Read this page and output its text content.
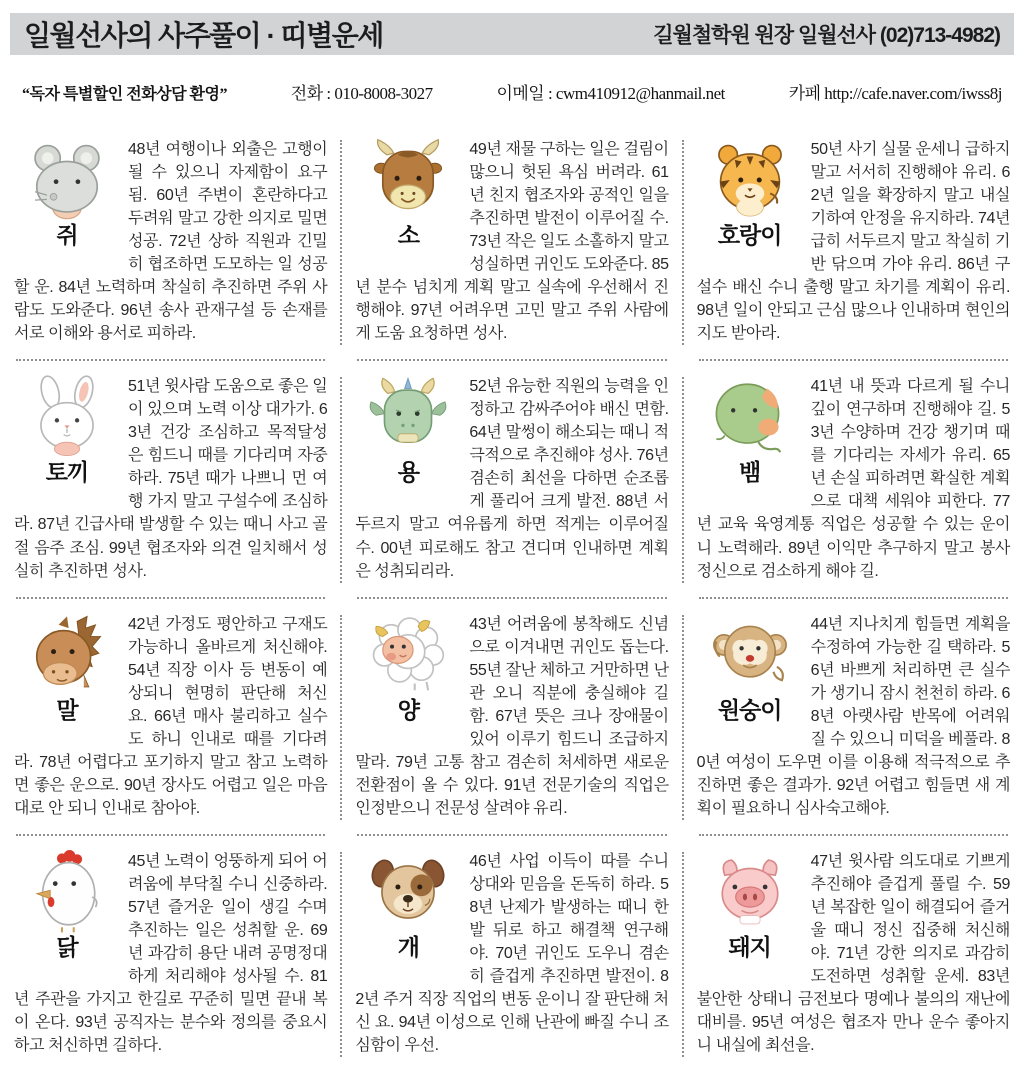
일월선사의 사주풀이 · 띠별운세	길월철학원 원장 일월선사 (02)713-4982)
“독자 특별할인 전화상담 환영”	전화 : 010-8008-3027	이메일 : cwm410912@hanmail.net	카페 http://cafe.naver.com/iwss8j
쥐

48년 여행이나 외출은 고행이 될 수 있으니 자제함이 요구됨. 60년 주변이 혼란하다고 두려워 말고 강한 의지로 밀면 성공. 72년 상하 직원과 긴밀히 협조하면 도모하는 일 성공할 운. 84년 노력하며 착실히 추진하면 주위 사람도 도와준다. 96년 송사 관재구설 등 손재를 서로 이해와 용서로 피하라.

소

49년 재물 구하는 일은 걸림이 많으니 헛된 욕심 버려라. 61년 친지 협조자와 공적인 일을 추진하면 발전이 이루어질 수. 73년 작은 일도 소홀하지 말고 성실하면 귀인도 도와준다. 85년 분수 넘치게 계획 말고 실속에 우선해서 진행해야. 97년 어려우면 고민 말고 주위 사람에게 도움 요청하면 성사.

호랑이

50년 사기 실물 운세니 급하지 말고 서서히 진행해야 유리. 62년 일을 확장하지 말고 내실 기하여 안정을 유지하라. 74년 급히 서두르지 말고 착실히 기반 닦으며 가야 유리. 86년 구설수 배신 수니 출행 말고 차기를 계획이 유리. 98년 일이 안되고 근심 많으나 인내하며 현인의 지도 받아라.

토끼

51년 윗사람 도움으로 좋은 일이 있으며 노력 이상 대가가. 63년 건강 조심하고 목적달성은 힘드니 때를 기다리며 자중하라. 75년 때가 나쁘니 먼 여행 가지 말고 구설수에 조심하라. 87년 긴급사태 발생할 수 있는 때니 사고 골절 음주 조심. 99년 협조자와 의견 일치해서 성실히 추진하면 성사.

용

52년 유능한 직원의 능력을 인정하고 감싸주어야 배신 면함. 64년 말썽이 해소되는 때니 적극적으로 추진해야 성사. 76년 겸손히 최선을 다하면 순조롭게 풀리어 크게 발전. 88년 서두르지 말고 여유롭게 하면 적게는 이루어질 수. 00년 피로해도 참고 견디며 인내하면 계획은 성취되리라.

뱀

41년 내 뜻과 다르게 될 수니 깊이 연구하며 진행해야 길. 53년 수양하며 건강 챙기며 때를 기다리는 자세가 유리. 65년 손실 피하려면 확실한 계획으로 대책 세워야 피한다. 77년 교육 육영계통 직업은 성공할 수 있는 운이니 노력해라. 89년 이익만 추구하지 말고 봉사 정신으로 검소하게 해야 길.

말

42년 가정도 평안하고 구재도 가능하니 올바르게 처신해야. 54년 직장 이사 등 변동이 예상되니 현명히 판단해 처신 요. 66년 매사 불리하고 실수도 하니 인내로 때를 기다려라. 78년 어렵다고 포기하지 말고 참고 노력하면 좋은 운으로. 90년 장사도 어렵고 일은 마음대로 안 되니 인내로 참아야.

양

43년 어려움에 봉착해도 신념으로 이겨내면 귀인도 돕는다. 55년 잘난 체하고 거만하면 난관 오니 직분에 충실해야 길함. 67년 뜻은 크나 장애물이 있어 이루기 힘드니 조급하지 말라. 79년 고통 참고 겸손히 처세하면 새로운 전환점이 올 수 있다. 91년 전문기술의 직업은 인정받으니 전문성 살려야 유리.

원숭이

44년 지나치게 힘들면 계획을 수정하여 가능한 길 택하라. 56년 바쁘게 처리하면 큰 실수가 생기니 잠시 천천히 하라. 68년 아랫사람 반목에 어려워질 수 있으니 미덕을 베풀라. 80년 여성이 도우면 이를 이용해 적극적으로 추진하면 좋은 결과가. 92년 어렵고 힘들면 새 계획이 필요하니 심사숙고해야.

닭

45년 노력이 엉뚱하게 되어 어려움에 부닥칠 수니 신중하라. 57년 즐거운 일이 생길 수며 추진하는 일은 성취할 운. 69년 과감히 용단 내려 공명정대하게 처리해야 성사될 수. 81년 주관을 가지고 한길로 꾸준히 밀면 끝내 복이 온다. 93년 공직자는 분수와 정의를 중요시하고 처신하면 길하다.

개

46년 사업 이득이 따를 수니 상대와 믿음을 돈독히 하라. 58년 난제가 발생하는 때니 한발 뒤로 하고 해결책 연구해야. 70년 귀인도 도우니 겸손히 즐겁게 추진하면 발전이. 82년 주거 직장 직업의 변동 운이니 잘 판단해 처신 요. 94년 이성으로 인해 난관에 빠질 수니 조심함이 우선.

돼지

47년 윗사람 의도대로 기쁘게 추진해야 즐겁게 풀릴 수. 59년 복잡한 일이 해결되어 즐거울 때니 정신 집중해 처신해야. 71년 강한 의지로 과감히 도전하면 성취할 운세. 83년 불안한 상태니 금전보다 명예나 불의의 재난에 대비를. 95년 여성은 협조자 만나 운수 좋아지니 내실에 최선을.
